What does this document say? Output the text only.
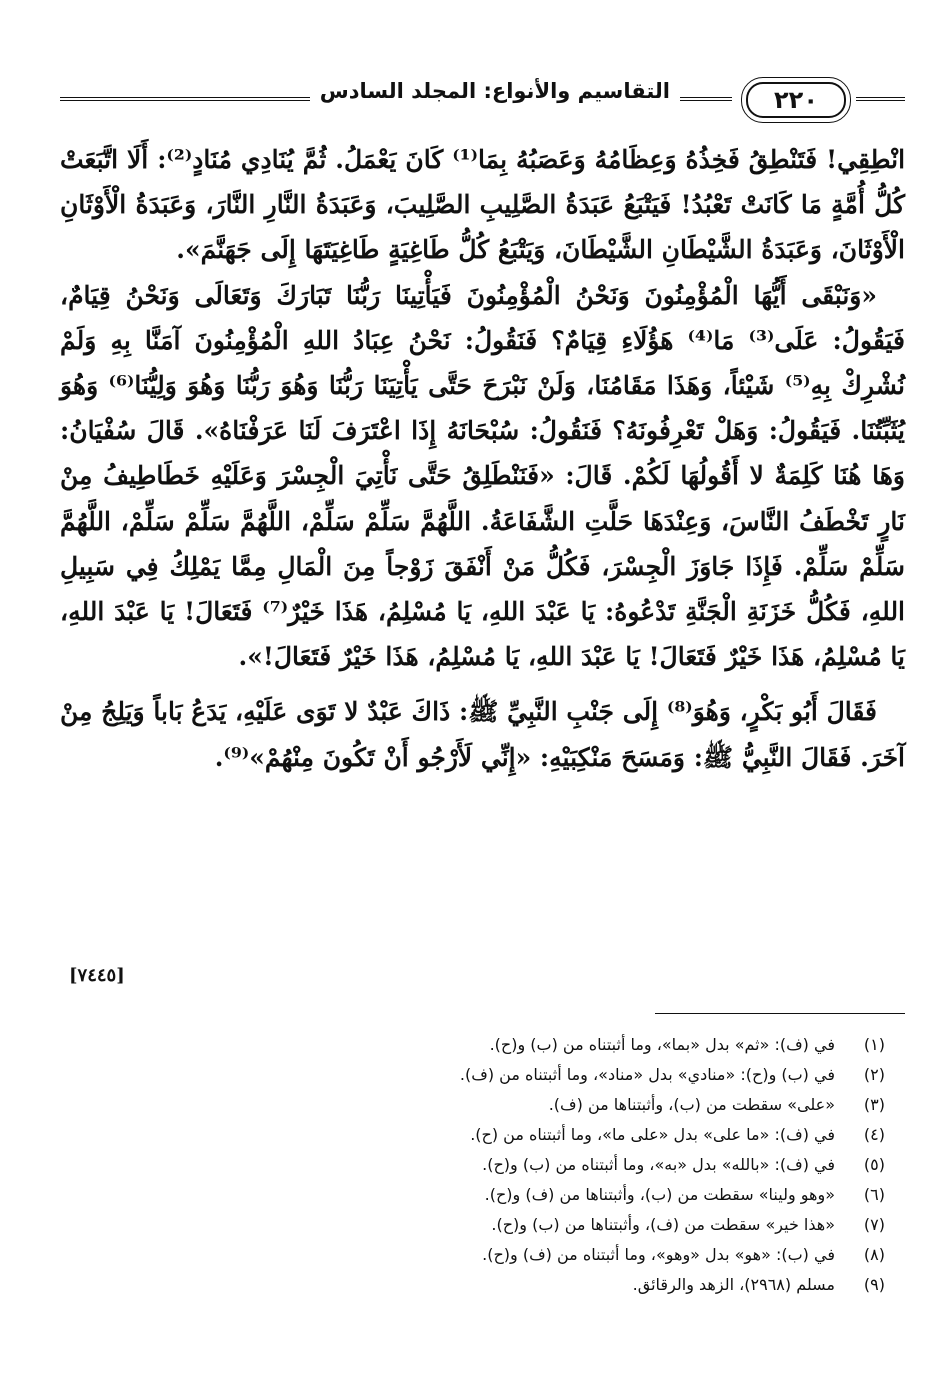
٢٢٠
التقاسيم والأنواع: المجلد السادس

انْطِقِي! فَتَنْطِقُ فَخِذُهُ وَعِظَامُهُ وَعَصَبُهُ بِمَا⁽¹⁾ كَانَ يَعْمَلُ. ثُمَّ يُنَادِي مُنَادٍ⁽²⁾: أَلَا اتَّبَعَتْ كُلُّ أُمَّةٍ مَا كَانَتْ تَعْبُدُ! فَيَتْبَعُ عَبَدَةُ الصَّلِيبِ الصَّلِيبَ، وَعَبَدَةُ النَّارِ النَّارَ، وَعَبَدَةُ الْأَوْثَانِ الْأَوْثَانَ، وَعَبَدَةُ الشَّيْطَانِ الشَّيْطَانَ، وَيَتْبَعُ كُلُّ طَاغِيَةٍ طَاغِيَتَهَا إِلَى جَهَنَّمَ».

«وَنَبْقَى أَيُّهَا الْمُؤْمِنُونَ وَنَحْنُ الْمُؤْمِنُونَ فَيَأْتِينَا رَبُّنَا تَبَارَكَ وَتَعَالَى وَنَحْنُ قِيَامٌ، فَيَقُولُ: عَلَى⁽³⁾ مَا⁽⁴⁾ هَؤُلَاءِ قِيَامٌ؟ فَنَقُولُ: نَحْنُ عِبَادُ اللهِ الْمُؤْمِنُونَ آمَنَّا بِهِ وَلَمْ نُشْرِكْ بِهِ⁽⁵⁾ شَيْئاً، وَهَذَا مَقَامُنَا، وَلَنْ نَبْرَحَ حَتَّى يَأْتِيَنَا رَبُّنَا وَهُوَ رَبُّنَا وَهُوَ وَلِيُّنَا⁽⁶⁾ وَهُوَ يُثَبِّتُنَا. فَيَقُولُ: وَهَلْ تَعْرِفُونَهُ؟ فَنَقُولُ: سُبْحَانَهُ إِذَا اعْتَرَفَ لَنَا عَرَفْنَاهُ». قَالَ سُفْيَانُ: وَهَا هُنَا كَلِمَةٌ لا أَقُولُهَا لَكُمْ. قَالَ: «فَنَنْطَلِقُ حَتَّى نَأْتِيَ الْجِسْرَ وَعَلَيْهِ خَطَاطِيفُ مِنْ نَارٍ تَخْطَفُ النَّاسَ، وَعِنْدَهَا حَلَّتِ الشَّفَاعَةُ. اللَّهُمَّ سَلِّمْ سَلِّمْ، اللَّهُمَّ سَلِّمْ سَلِّمْ، اللَّهُمَّ سَلِّمْ سَلِّمْ. فَإِذَا جَاوَزَ الْجِسْرَ، فَكُلُّ مَنْ أَنْفَقَ زَوْجاً مِنَ الْمَالِ مِمَّا يَمْلِكُ فِي سَبِيلِ اللهِ، فَكُلُّ خَزَنَةِ الْجَنَّةِ تَدْعُوهُ: يَا عَبْدَ اللهِ، يَا مُسْلِمُ، هَذَا خَيْرٌ⁽⁷⁾ فَتَعَالَ! يَا عَبْدَ اللهِ، يَا مُسْلِمُ، هَذَا خَيْرٌ فَتَعَالَ! يَا عَبْدَ اللهِ، يَا مُسْلِمُ، هَذَا خَيْرٌ فَتَعَالَ!».

فَقَالَ أَبُو بَكْرٍ، وَهُوَ⁽⁸⁾ إِلَى جَنْبِ النَّبِيِّ ﷺ: ذَاكَ عَبْدٌ لا تَوَى عَلَيْهِ، يَدَعُ بَاباً وَيَلِجُ مِنْ آخَرَ. فَقَالَ النَّبِيُّ ﷺ: وَمَسَحَ مَنْكِبَيْهِ: «إِنِّي لَأَرْجُو أَنْ تَكُونَ مِنْهُمْ»⁽⁹⁾.

[٧٤٤٥]
(١)
في (ف): «ثم» بدل «بما»، وما أثبتناه من (ب) و(ح).
(٢)
في (ب) و(ح): «منادي» بدل «مناد»، وما أثبتناه من (ف).
(٣)
«على» سقطت من (ب)، وأثبتناها من (ف).
(٤)
في (ف): «ما على» بدل «على ما»، وما أثبتناه من (ح).
(٥)
في (ف): «بالله» بدل «به»، وما أثبتناه من (ب) و(ح).
(٦)
«وهو ولينا» سقطت من (ب)، وأثبتناها من (ف) و(ح).
(٧)
«هذا خير» سقطت من (ف)، وأثبتناها من (ب) و(ح).
(٨)
في (ب): «هو» بدل «وهو»، وما أثبتناه من (ف) و(ح).
(٩)
مسلم (٢٩٦٨)، الزهد والرقائق.
